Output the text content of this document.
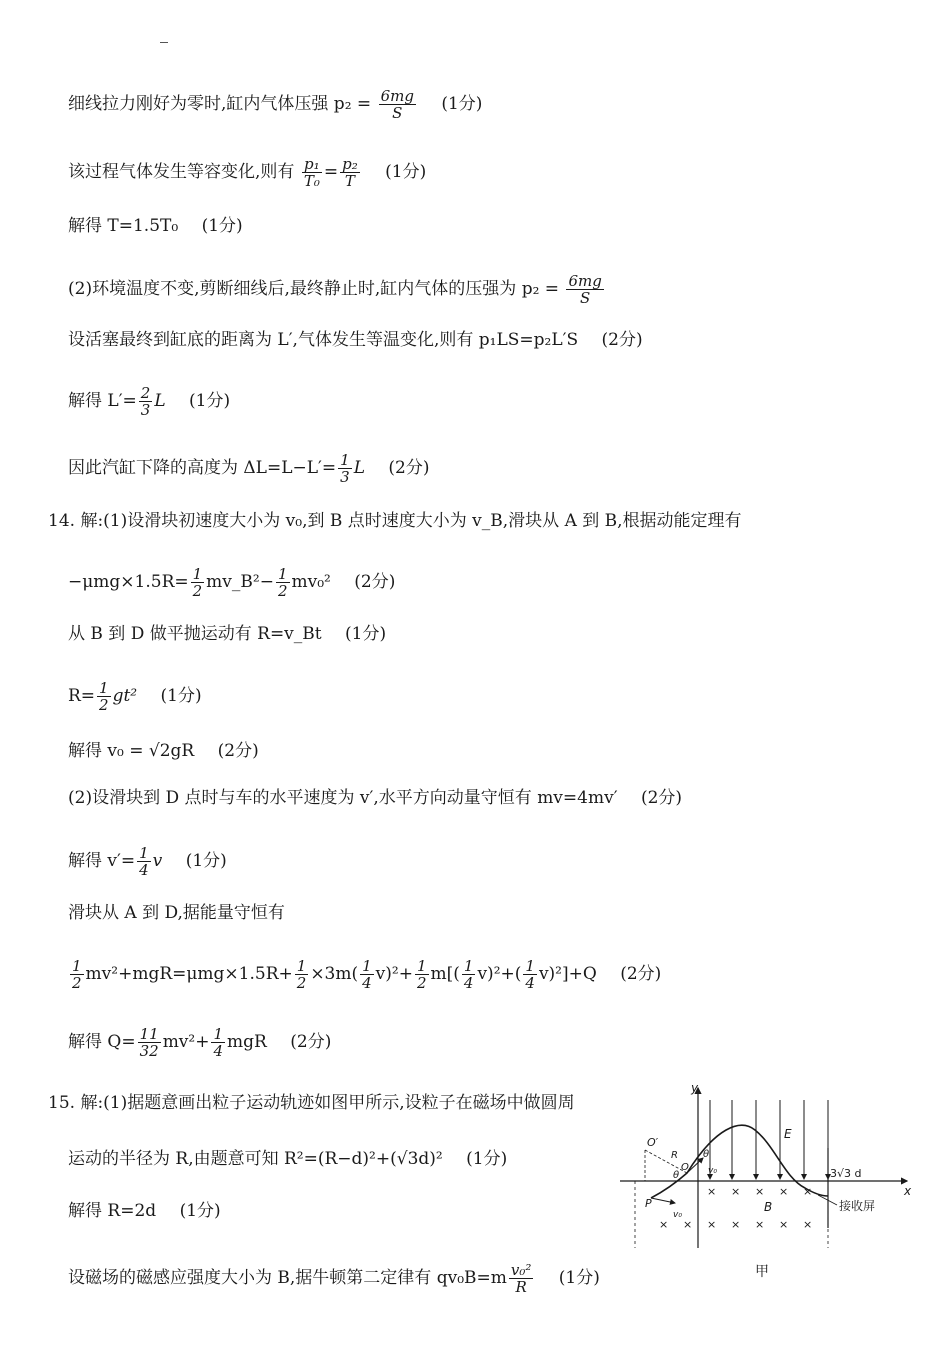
细线拉力刚好为零时,缸内气体压强 $p_2 = \frac{6mg}{S} (1$分)
该过程气体发生等容变化,则有 $\frac{\text{p₁}}{\text{T₀}} = \frac{\text{p₂}}{T} (1$分)
解得 T=1.5T₀ (1分)
(2)环境温度不变,剪断细线后,最终静止时,缸内气体的压强为 $p_2 = \frac{6mg}{S}$
设活塞最终到缸底的距离为 L′,气体发生等温变化,则有 p₁LS=p₂L′S (2分)
解得 $L'= \frac{2}{3}$ L (1分)
因此汽缸下降的高度为 $\Delta L=L-L'= \frac{1}{3}$ L (2分)
14. 解:(1)设滑块初速度大小为 v₀,到 B 点时速度大小为 v_B,滑块从 A 到 B,根据动能定理有
$-\mu mg\times 1.5R= \frac{1}{2}$ mv_B²− $\frac{1}{2} mv_0^2$ (2分)
从 B 到 D 做平抛运动有 R=v_Bt (1分)
$R= \frac{1}{2} gt^2$ (1分)
解得 v₀ = √2gR (2分)
(2)设滑块到 D 点时与车的水平速度为 v′,水平方向动量守恒有 mv=4mv′ (2分)
解得 $v'= \frac{1}{4}$ v (1分)
滑块从 A 到 D,据能量守恒有
$\frac{1}{2} mv^2+mgR=\mu mg\times 1.5R+ \frac{1}{2} \times 3m( \frac{1}{4} v)^2+ \frac{1}{2} m[( \frac{1}{4} v)^2+( \frac{1}{4} v)^2]+Q$ (2分)
解得 $Q= \frac{11}{32} mv^2+ \frac{1}{4}$ mgR (2分)
15. 解:(1)据题意画出粒子运动轨迹如图甲所示,设粒子在磁场中做圆周
运动的半径为 R,由题意可知 R²=(R−d)²+(√3d)² (1分)
解得 R=2d (1分)
设磁场的磁感应强度大小为 B,据牛顿第二定律有 $qv_0B=m \frac{\text{v₀²}}{R} (1$分)
y
x
E
3√3 d
接收屏
× × × × ×
× × × × × × ×
B
O′
R
O
θ
θ	v₀
P
v₀
甲
